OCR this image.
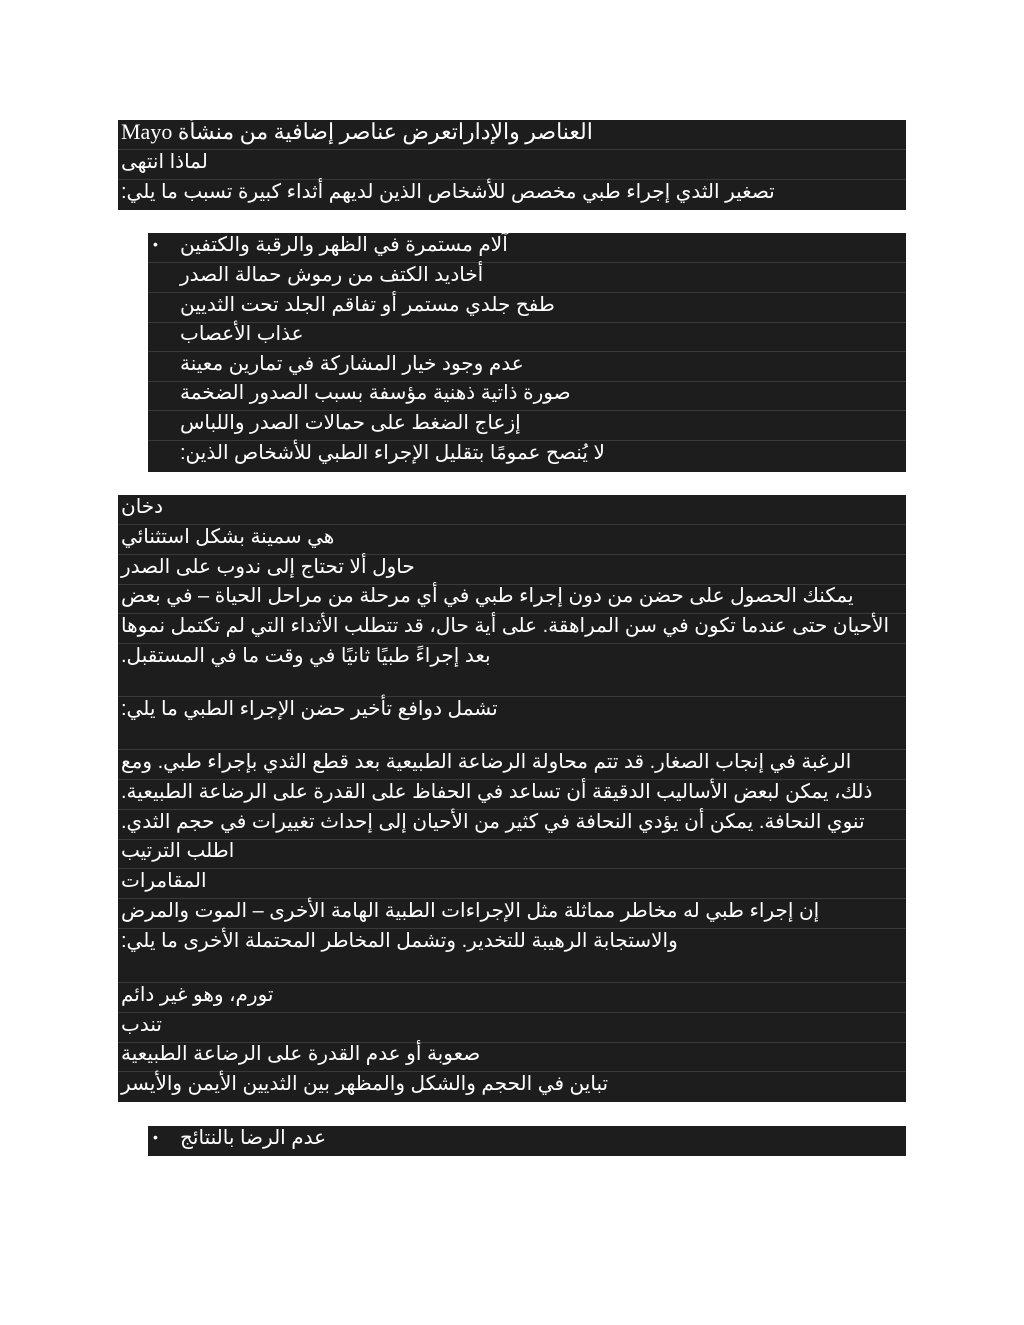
العناصر والإداراتعرض عناصر إضافية من منشأة Mayo
لماذا انتهى
تصغير الثدي إجراء طبي مخصص للأشخاص الذين لديهم أثداء كبيرة تسبب ما يلي:
•	آلام مستمرة في الظهر والرقبة والكتفين
أخاديد الكتف من رموش حمالة الصدر
طفح جلدي مستمر أو تفاقم الجلد تحت الثديين
عذاب الأعصاب
عدم وجود خيار المشاركة في تمارين معينة
صورة ذاتية ذهنية مؤسفة بسبب الصدور الضخمة
إزعاج الضغط على حمالات الصدر واللباس
لا يُنصح عمومًا بتقليل الإجراء الطبي للأشخاص الذين:
دخان
هي سمينة بشكل استثنائي
حاول ألا تحتاج إلى ندوب على الصدر
يمكنك الحصول على حضن من دون إجراء طبي في أي مرحلة من مراحل الحياة – في بعض
الأحيان حتى عندما تكون في سن المراهقة. على أية حال، قد تتطلب الأثداء التي لم تكتمل نموها
بعد إجراءً طبيًا ثانيًا في وقت ما في المستقبل.
تشمل دوافع تأخير حضن الإجراء الطبي ما يلي:
الرغبة في إنجاب الصغار. قد تتم محاولة الرضاعة الطبيعية بعد قطع الثدي بإجراء طبي. ومع
ذلك، يمكن لبعض الأساليب الدقيقة أن تساعد في الحفاظ على القدرة على الرضاعة الطبيعية.
تنوي النحافة. يمكن أن يؤدي النحافة في كثير من الأحيان إلى إحداث تغييرات في حجم الثدي.
اطلب الترتيب
المقامرات
إن إجراء طبي له مخاطر مماثلة مثل الإجراءات الطبية الهامة الأخرى – الموت والمرض
والاستجابة الرهيبة للتخدير. وتشمل المخاطر المحتملة الأخرى ما يلي:
تورم، وهو غير دائم
تندب
صعوبة أو عدم القدرة على الرضاعة الطبيعية
تباين في الحجم والشكل والمظهر بين الثديين الأيمن والأيسر
•	عدم الرضا بالنتائج
